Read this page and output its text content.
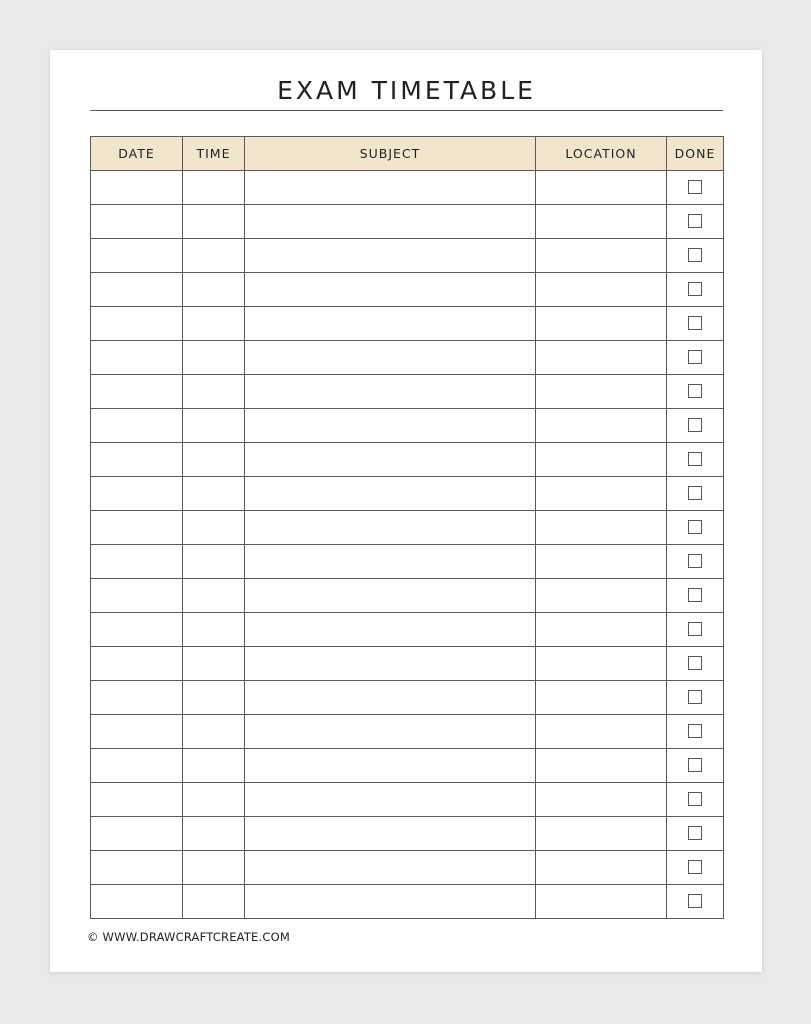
EXAM TIMETABLE
DATE	TIME	SUBJECT	LOCATION	DONE

© WWW.DRAWCRAFTCREATE.COM
